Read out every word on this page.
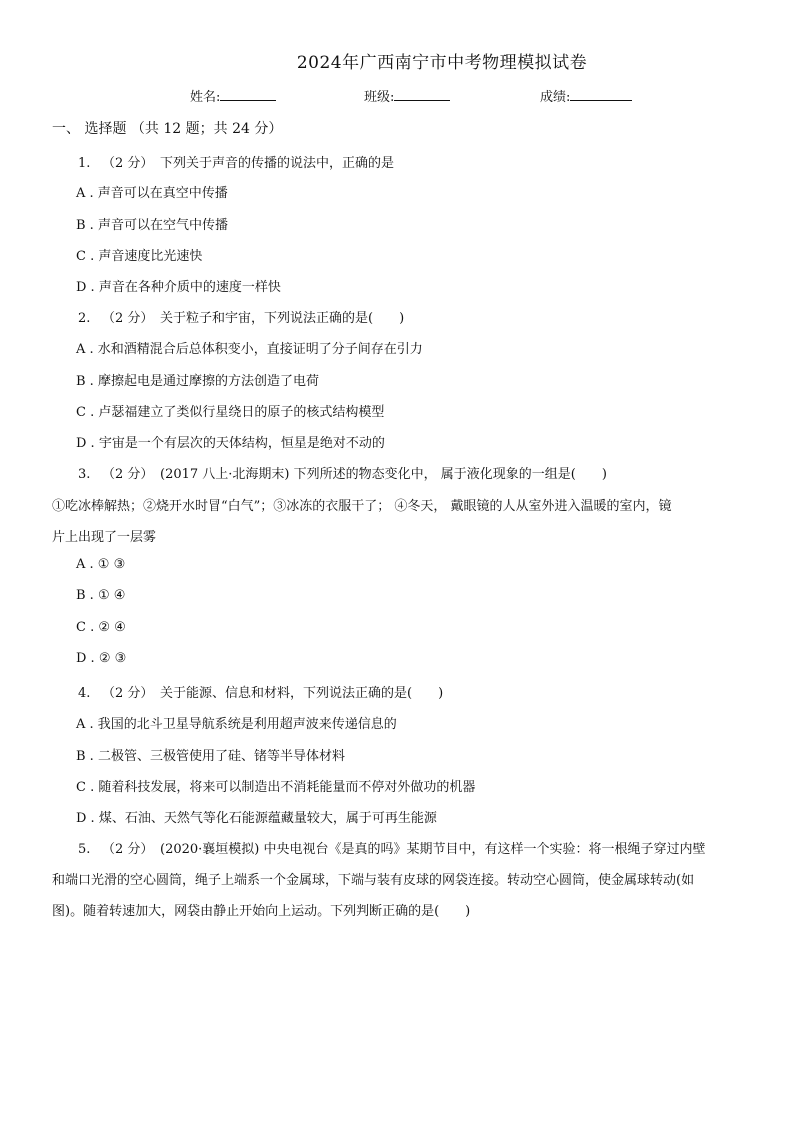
2024年广西南宁市中考物理模拟试卷
姓名:	班级:	成绩:
一、 选择题 （共 12 题；共 24 分）
1. （2 分） 下列关于声音的传播的说法中，正确的是
A . 声音可以在真空中传播
B . 声音可以在空气中传播
C . 声音速度比光速快
D . 声音在各种介质中的速度一样快
2. （2 分） 关于粒子和宇宙，下列说法正确的是(　　)
A . 水和酒精混合后总体积变小，直接证明了分子间存在引力
B . 摩擦起电是通过摩擦的方法创造了电荷
C . 卢瑟福建立了类似行星绕日的原子的核式结构模型
D . 宇宙是一个有层次的天体结构，恒星是绝对不动的
3. （2 分） (2017 八上·北海期末) 下列所述的物态变化中， 属于液化现象的一组是(　　)
①吃冰棒解热；②烧开水时冒“白气”；③冰冻的衣服干了； ④冬天， 戴眼镜的人从室外进入温暖的室内，镜
片上出现了一层雾
A . ① ③
B . ① ④
C . ② ④
D . ② ③
4. （2 分） 关于能源、信息和材料，下列说法正确的是(　　)
A . 我国的北斗卫星导航系统是利用超声波来传递信息的
B . 二极管、三极管使用了硅、锗等半导体材料
C . 随着科技发展，将来可以制造出不消耗能量而不停对外做功的机器
D . 煤、石油、天然气等化石能源蕴藏量较大，属于可再生能源
5. （2 分） (2020·襄垣模拟) 中央电视台《是真的吗》某期节目中，有这样一个实验：将一根绳子穿过内壁
和端口光滑的空心圆筒，绳子上端系一个金属球，下端与装有皮球的网袋连接。转动空心圆筒，使金属球转动(如
图)。随着转速加大，网袋由静止开始向上运动。下列判断正确的是(　　)
